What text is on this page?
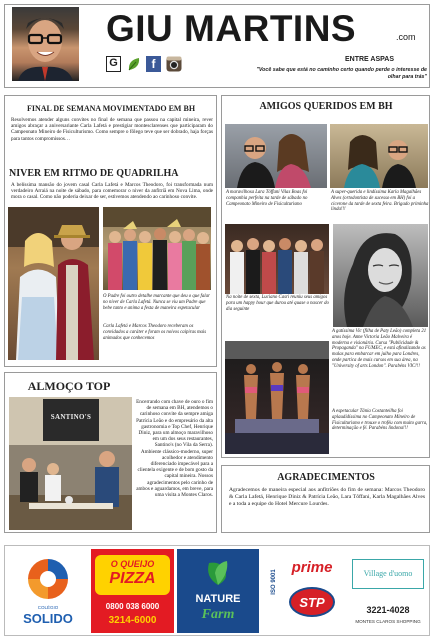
GIU MARTINS	.com
G	f	ENTRE ASPAS
"Você sabe que está no caminho certo quando perde o interesse de olhar para trás"
FINAL DE SEMANA MOVIMENTADO EM BH
Resolvemos atender alguns convites no final de semana que passou na capital mineira, rever amigos abraçar a aniversariante Carla Lafetá e prestigiar montesclarenses que participaram do Campeonato Mineiro de Fisiculturismo. Como sempre o fôlego teve que ser dobrado, haja forças para tantos compromissos…
NIVER EM RITMO DE QUADRILHA
A belíssima mansão do jovem casal Carla Lafetá e Marcos Theodoro, foi transformada num verdadeiro Arraiá na noite de sábado, para comemorar o niver da anfitriã em Nova Lima, onde mora o casal. Como não poderia deixar de ser, estivemos atendendo ao carinhoso convite.
O Padre foi outro detalhe marcante que deu o que falar no niver de Carla Lafetá. Nunca se viu um Padre que bebe tanto e anima a festa de maneira espetacular
Carla Lafetá e Marcos Theodoro receberam os convidados a caráter e foram os noivos caipiras mais animados que conhecemos
ALMOÇO TOP
SANTINO'S
Encerrando com chave de ouro o fim de semana em BH, atendemos o carinhoso convite da sempre amiga Patrícia Leão e do empresário da alta gastronomia e Top Chef, Henrique Diniz, para um almoço maravilhoso em um dos seus restaurantes, Santino's (no Vila da Serra). Ambiente clássico-moderno, super acolhedor e atendimento diferenciado impecável para a clientela exigente e de bom gosto da capital mineira. Nossos agradecimentos pelo carinho de ambos e aguardamos, em breve, para uma visita a Montes Claros.
AMIGOS QUERIDOS EM BH
A maravilhosa Lara Tôffani Vilas Boas foi companhia perfeita na tarde de sábado no Campeonato Mineiro de Fisiculturismo
A super-querida e lindíssima Karla Magalhães Alves (ortodontista de sucesso em BH) foi a cicerone da tarde de sexta feira. Brigado priminha linda!!!
Na noite de sexta, Luciano Casri reuniu seus amigos para um happy hour que durou até quase o nascer do dia seguinte
A gatíssima Vic (filha de Paty Leão) completa 21 anos hoje. Anne Victoria Leão Malveira é moderna e visionária. Cursa "Publicidade & Propaganda" na FUMEC, e está afinalizando as malas para embarcar em julho para Londres, onde partica de mais cursos em sua área, na "University of arts London". Parabéns VIC!!!
A espetacular Tânia Costanteilha foi aplaudidíssima no Campeonato Mineiro de Fisiculturismo e trouxe o troféu com muito garra, determinação e fé. Parabéns lindona!!!
AGRADECIMENTOS
Agradecemos de maneira especial aos anfitriões do fim de semana: Marcos Theodoro & Carla Lafetá, Henrique Diniz & Patrícia Leão, Lara Tôffani, Karla Magalhães Alves e a toda a equipe do Hotel Mercure Lourdes.
COLÉGIO
SOLIDO
O QUEIJO
PIZZA
0800 038 6000
3214-6000
NATURE
Farm
ISO 9001
prime
STP
Village d'uomo
3221-4028
MONTES CLAROS SHOPPING
